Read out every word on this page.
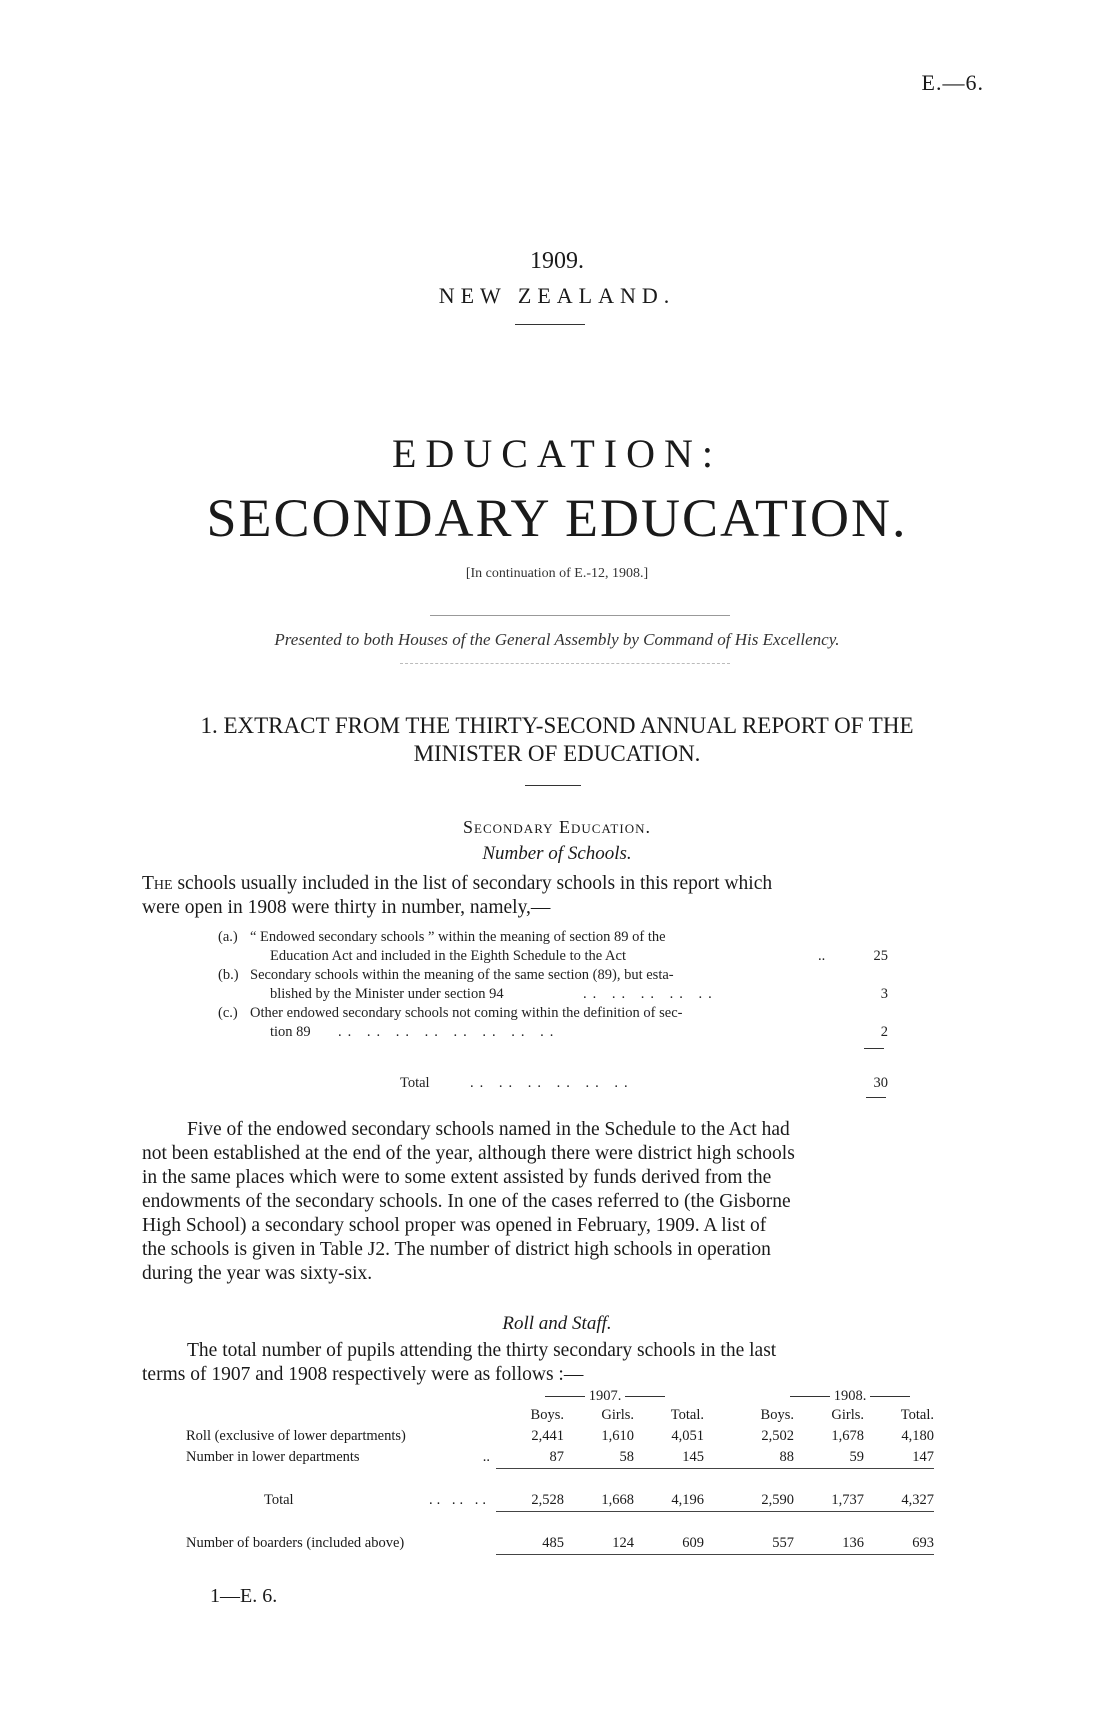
E.—6.
1909.
NEW ZEALAND.
EDUCATION:
SECONDARY EDUCATION.
[In continuation of E.-12, 1908.]
Presented to both Houses of the General Assembly by Command of His Excellency.
1. EXTRACT FROM THE THIRTY-SECOND ANNUAL REPORT OF THE
MINISTER OF EDUCATION.
Secondary Education.
Number of Schools.
The schools usually included in the list of secondary schools in this report which
were open in 1908 were thirty in number, namely,—
(a.) “ Endowed secondary schools ” within the meaning of section 89 of the
Education Act and included in the Eighth Schedule to the Act	..	25
(b.) Secondary schools within the meaning of the same section (89), but esta-
blished by the Minister under section 94	.. .. .. .. ..	3
(c.) Other endowed secondary schools not coming within the definition of sec-
tion 89 .. .. .. .. .. .. .. ..	2
Total	.. .. .. .. .. ..	30
Five of the endowed secondary schools named in the Schedule to the Act had
not been established at the end of the year, although there were district high schools
in the same places which were to some extent assisted by funds derived from the
endowments of the secondary schools. In one of the cases referred to (the Gisborne
High School) a secondary school proper was opened in February, 1909. A list of
the schools is given in Table J2. The number of district high schools in operation
during the year was sixty-six.
Roll and Staff.
The total number of pupils attending the thirty secondary schools in the last
terms of 1907 and 1908 respectively were as follows :—
1907.	1908.
	Boys.	Girls.	Total.	Boys.	Girls.	Total.
Roll (exclusive of lower departments)	2,441	1,610	4,051	2,502	1,678	4,180
Number in lower departments ..	87	58	145	88	59	147

Total .. .. ..	2,528	1,668	4,196	2,590	1,737	4,327

Number of boarders (included above)	485	124	609	557	136	693
1—E. 6.
